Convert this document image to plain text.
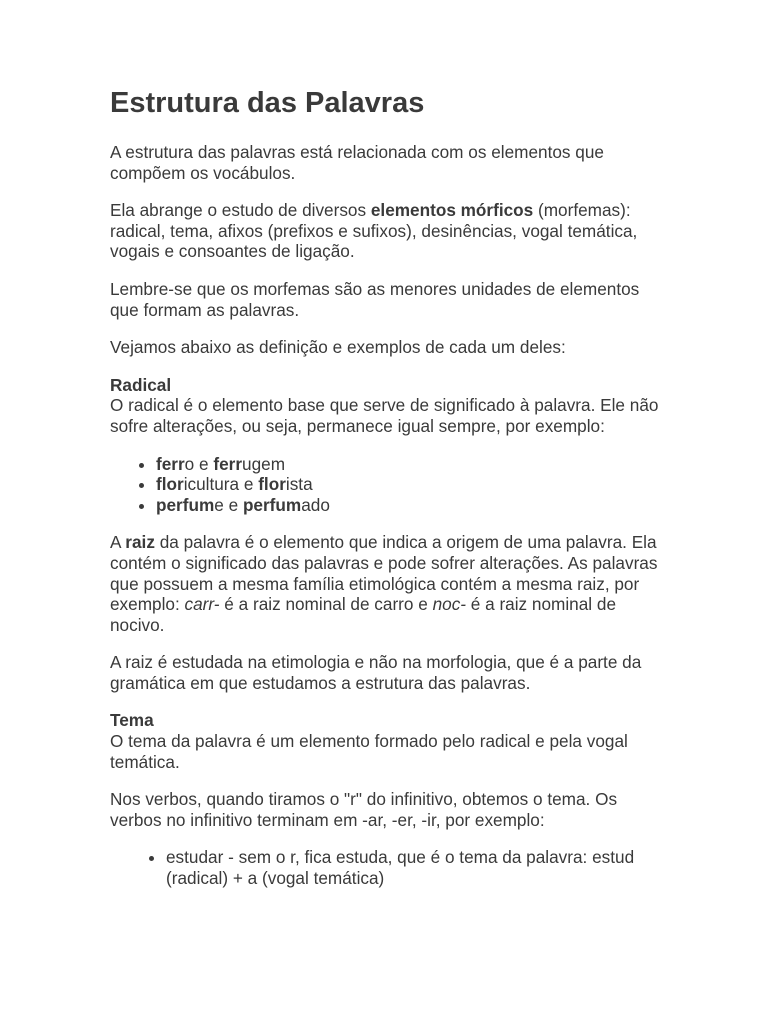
Estrutura das Palavras

A estrutura das palavras está relacionada com os elementos que compõem os vocábulos.

Ela abrange o estudo de diversos elementos mórficos (morfemas): radical, tema, afixos (prefixos e sufixos), desinências, vogal temática, vogais e consoantes de ligação.

Lembre-se que os morfemas são as menores unidades de elementos que formam as palavras.

Vejamos abaixo as definição e exemplos de cada um deles:

Radical
O radical é o elemento base que serve de significado à palavra. Ele não sofre alterações, ou seja, permanece igual sempre, por exemplo:

• ferro e ferrugem
• floricultura e florista
• perfume e perfumado

A raiz da palavra é o elemento que indica a origem de uma palavra. Ela contém o significado das palavras e pode sofrer alterações. As palavras que possuem a mesma família etimológica contém a mesma raiz, por exemplo: carr- é a raiz nominal de carro e noc- é a raiz nominal de nocivo.

A raiz é estudada na etimologia e não na morfologia, que é a parte da gramática em que estudamos a estrutura das palavras.

Tema
O tema da palavra é um elemento formado pelo radical e pela vogal temática.

Nos verbos, quando tiramos o "r" do infinitivo, obtemos o tema. Os verbos no infinitivo terminam em -ar, -er, -ir, por exemplo:

• estudar - sem o r, fica estuda, que é o tema da palavra: estud (radical) + a (vogal temática)
